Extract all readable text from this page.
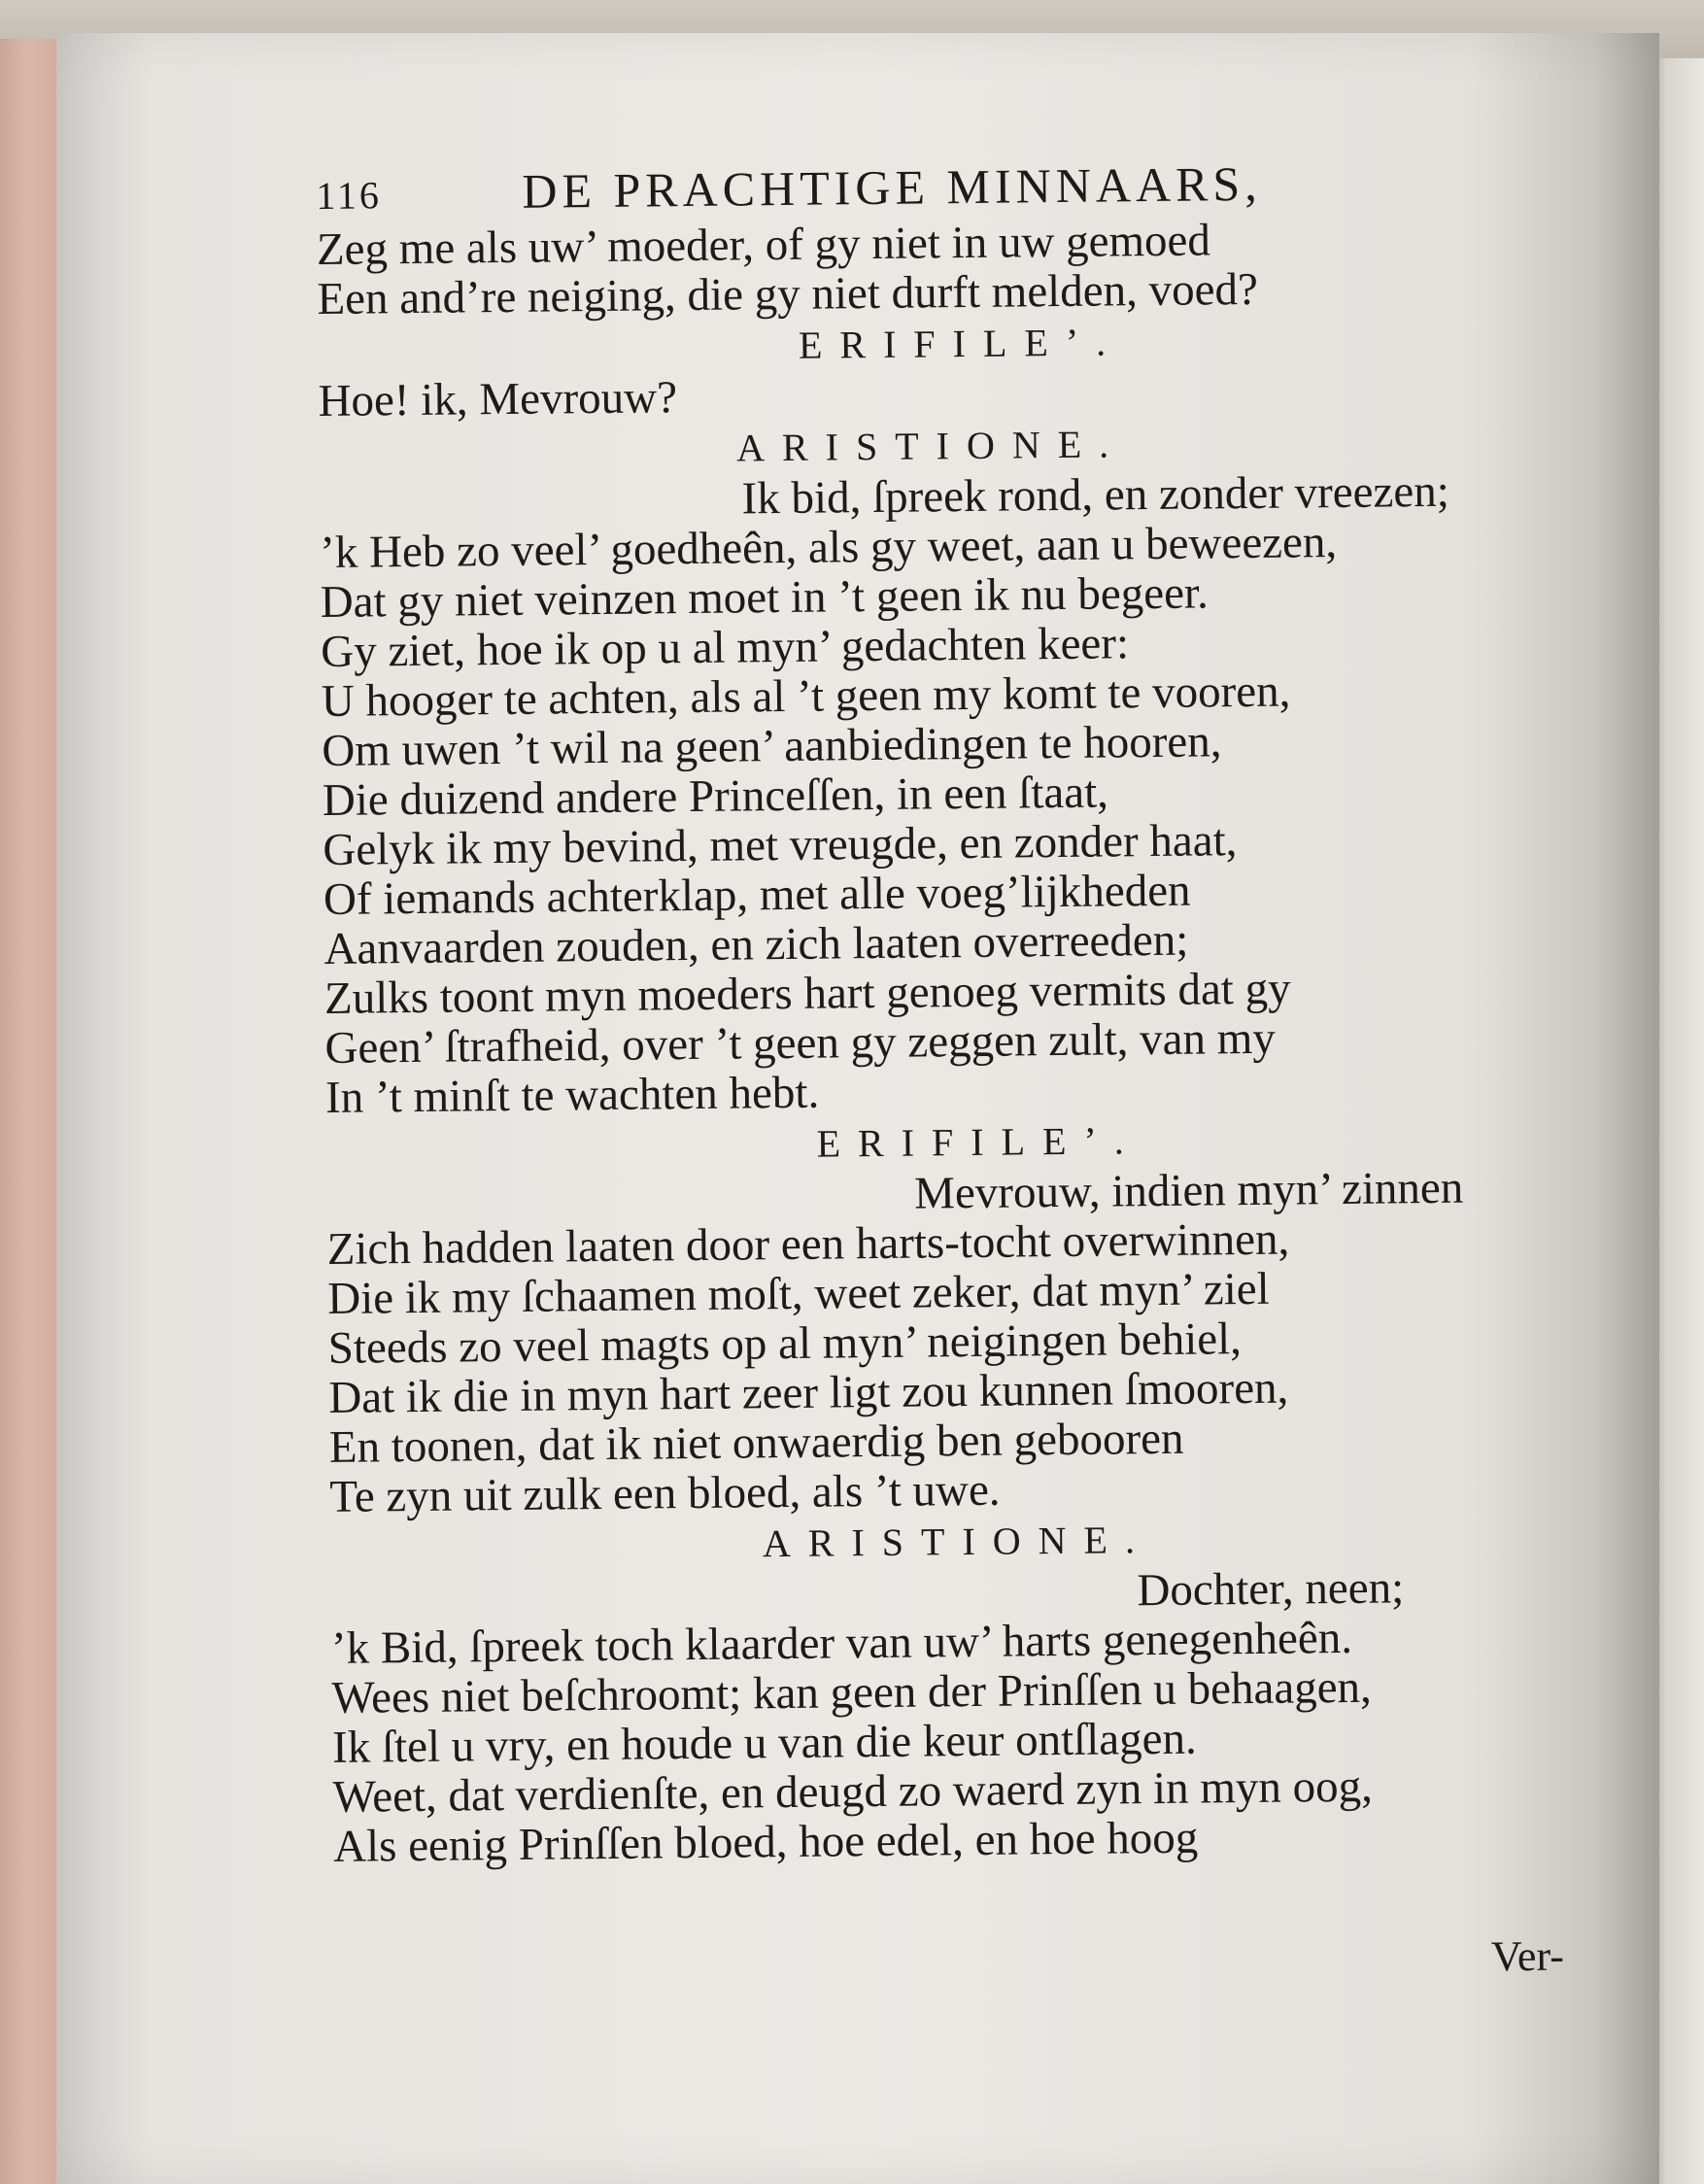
116	DE PRACHTIGE MINNAARS,
Zeg me als uw’ moeder, of gy niet in uw gemoed
Een and’re neiging, die gy niet durft melden, voed?
ERIFILE’.
Hoe! ik, Mevrouw?
ARISTIONE.
Ik bid, ſpreek rond, en zonder vreezen;
’k Heb zo veel’ goedheên, als gy weet, aan u beweezen,
Dat gy niet veinzen moet in ’t geen ik nu begeer.
Gy ziet, hoe ik op u al myn’ gedachten keer:
U hooger te achten, als al ’t geen my komt te vooren,
Om uwen ’t wil na geen’ aanbiedingen te hooren,
Die duizend andere Princeſſen, in een ſtaat,
Gelyk ik my bevind, met vreugde, en zonder haat,
Of iemands achterklap, met alle voeg’lijkheden
Aanvaarden zouden, en zich laaten overreeden;
Zulks toont myn moeders hart genoeg vermits dat gy
Geen’ ſtrafheid, over ’t geen gy zeggen zult, van my
In ’t minſt te wachten hebt.
ERIFILE’.
Mevrouw, indien myn’ zinnen
Zich hadden laaten door een harts-tocht overwinnen,
Die ik my ſchaamen moſt, weet zeker, dat myn’ ziel
Steeds zo veel magts op al myn’ neigingen behiel,
Dat ik die in myn hart zeer ligt zou kunnen ſmooren,
En toonen, dat ik niet onwaerdig ben gebooren
Te zyn uit zulk een bloed, als ’t uwe.
ARISTIONE.
Dochter, neen;
’k Bid, ſpreek toch klaarder van uw’ harts genegenheên.
Wees niet beſchroomt; kan geen der Prinſſen u behaagen,
Ik ſtel u vry, en houde u van die keur ontſlagen.
Weet, dat verdienſte, en deugd zo waerd zyn in myn oog,
Als eenig Prinſſen bloed, hoe edel, en hoe hoog
Ver-
